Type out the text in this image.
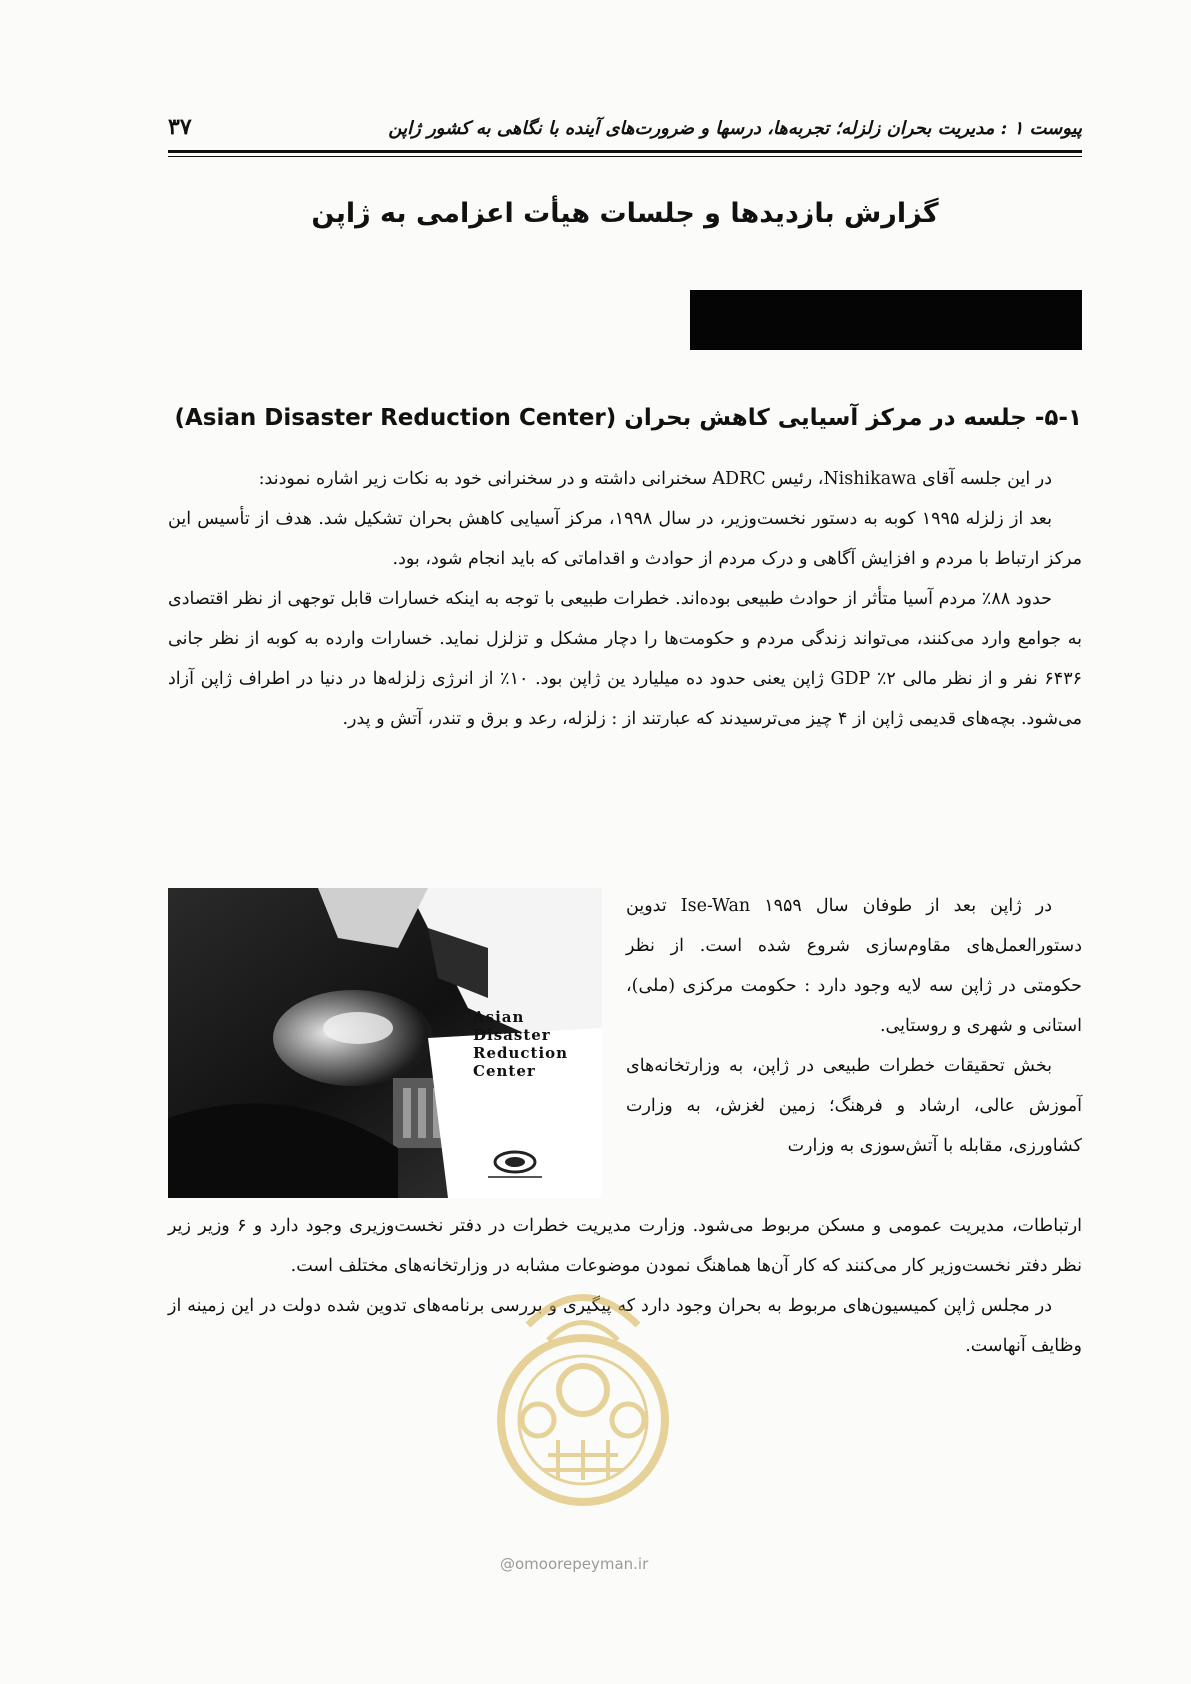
پیوست ۱ : مدیریت بحران زلزله؛ تجربه‌ها، درسها و ضرورت‌های آینده با نگاهی به کشور ژاپن
۳۷
گزارش بازدیدها و جلسات هیأت اعزامی به ژاپن
۵-۱- جلسه در مرکز آسیایی کاهش بحران (Asian Disaster Reduction Center)

در این جلسه آقای Nishikawa، رئیس ADRC سخنرانی داشته و در سخنرانی خود به نکات زیر اشاره نمودند:

بعد از زلزله ۱۹۹۵ کوبه به دستور نخست‌وزیر، در سال ۱۹۹۸، مرکز آسیایی کاهش بحران تشکیل شد. هدف از تأسیس این مرکز ارتباط با مردم و افزایش آگاهی و درک مردم از حوادث و اقداماتی که باید انجام شود، بود.

حدود ۸۸٪ مردم آسیا متأثر از حوادث طبیعی بوده‌اند. خطرات طبیعی با توجه به اینکه خسارات قابل توجهی از نظر اقتصادی به جوامع وارد می‌کنند، می‌تواند زندگی مردم و حکومت‌ها را دچار مشکل و تزلزل نماید. خسارات وارده به کوبه از نظر جانی ۶۴۳۶ نفر و از نظر مالی ۲٪ GDP ژاپن یعنی حدود ده میلیارد ین ژاپن بود. ۱۰٪ از انرژی زلزله‌ها در دنیا در اطراف ژاپن آزاد می‌شود. بچه‌های قدیمی ژاپن از ۴ چیز می‌ترسیدند که عبارتند از : زلزله، رعد و برق و تندر، آتش و پدر.

Asian
Disaster
Reduction
Center

در ژاپن بعد از طوفان سال ۱۹۵۹ Ise-Wan تدوین دستورالعمل‌های مقاوم‌سازی شروع شده است. از نظر حکومتی در ژاپن سه لایه وجود دارد : حکومت مرکزی (ملی)، استانی و شهری و روستایی.

بخش تحقیقات خطرات طبیعی در ژاپن، به وزارتخانه‌های آموزش عالی، ارشاد و فرهنگ؛ زمین لغزش، به وزارت کشاورزی، مقابله با آتش‌سوزی به وزارت

ارتباطات، مدیریت عمومی و مسکن مربوط می‌شود. وزارت مدیریت خطرات در دفتر نخست‌وزیری وجود دارد و ۶ وزیر زیر نظر دفتر نخست‌وزیر کار می‌کنند که کار آن‌ها هماهنگ نمودن موضوعات مشابه در وزارتخانه‌های مختلف است.

در مجلس ژاپن کمیسیون‌های مربوط به بحران وجود دارد که پیگیری و بررسی برنامه‌های تدوین شده دولت در این زمینه از وظایف آنهاست.

@omoorepeyman.ir
